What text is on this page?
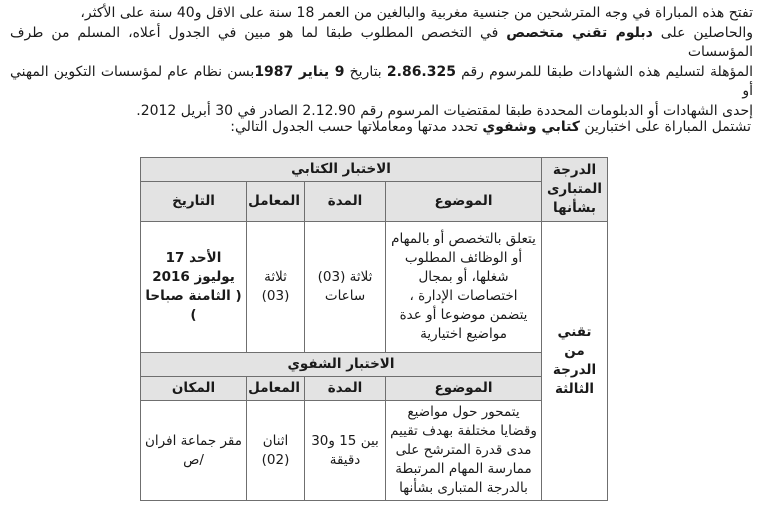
تفتح هذه المباراة في وجه المترشحين من جنسية مغربية والبالغين من العمر 18 سنة على الاقل و40 سنة على الأكثر،

والحاصلين على دبلوم تقني متخصص في التخصص المطلوب طبقا لما هو مبين في الجدول أعلاه، المسلم من طرف المؤسسات

المؤهلة لتسليم هذه الشهادات طبقا للمرسوم رقم 2.86.325 بتاريخ 9 يناير 1987بسن نظام عام لمؤسسات التكوين المهني أو

إحدى الشهادات أو الدبلومات المحددة طبقا لمقتضيات المرسوم رقم 2.12.90 الصادر في 30 أبريل 2012.

تشتمل المباراة على اختبارين كتابي وشفوي تحدد مدتها ومعاملاتها حسب الجدول التالي:
الدرجة المتبارى بشأنها	الاختبار الكتابي			
	الموضوع	المدة	المعامل	التاريخ
تقني من الدرجة الثالثة	يتعلق بالتخصص أو بالمهام أو الوظائف المطلوب شغلها، أو بمجال اختصاصات الإدارة ، يتضمن موضوعا أو عدة مواضيع اختيارية	ثلاثة (03) ساعات	ثلاثة (03)	الأحد 17 يوليوز 2016
( الثامنة صباحا )

	الاختبار الشفوي			
	الموضوع	المدة	المعامل	المكان
	يتمحور حول مواضيع وقضايا مختلفة بهدف تقييم مدى قدرة المترشح على ممارسة المهام المرتبطة بالدرجة المتبارى بشأنها	بين 15 و30 دقيقة	اثنان (02)	مقر جماعة افران /ص
